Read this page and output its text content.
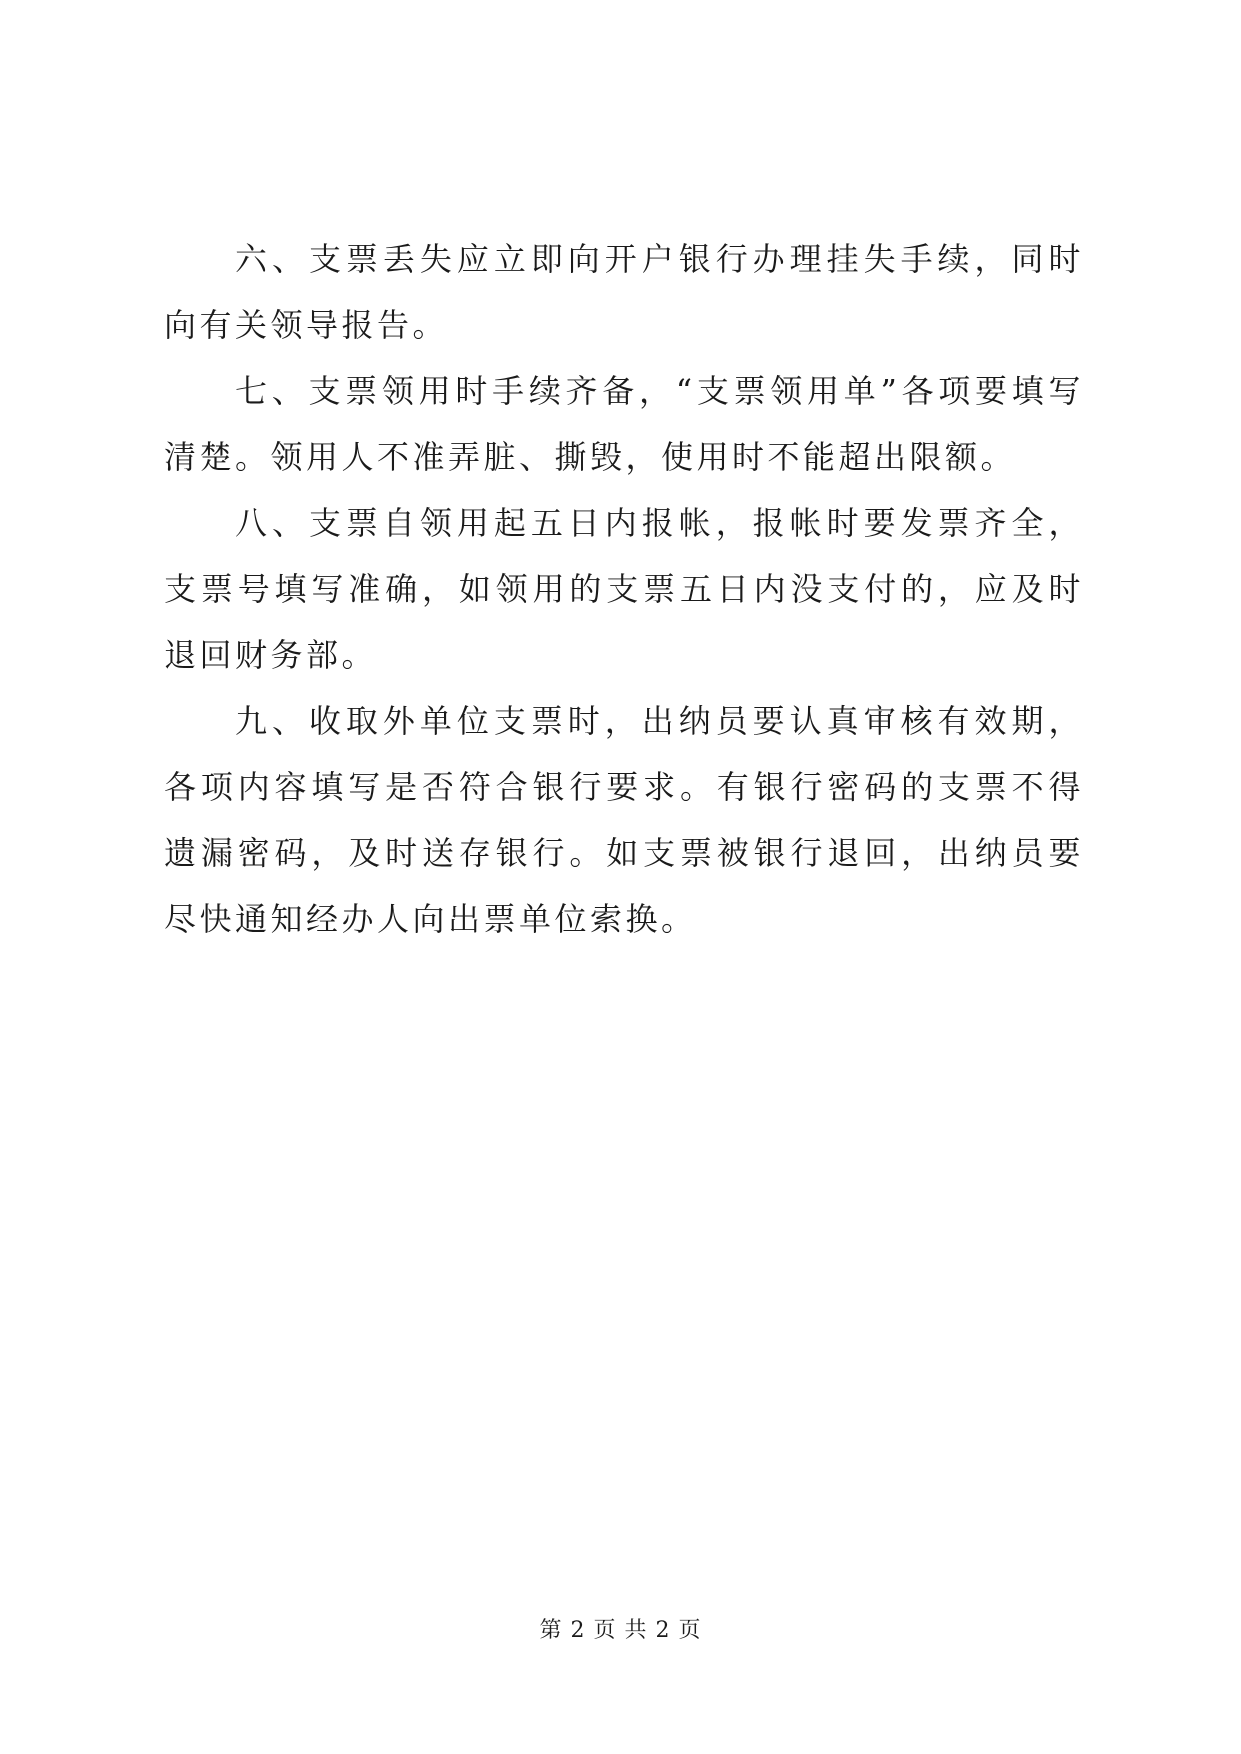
六、支票丢失应立即向开户银行办理挂失手续，同时向有关领导报告。

七、支票领用时手续齐备，“支票领用单”各项要填写清楚。领用人不准弄脏、撕毁，使用时不能超出限额。

八、支票自领用起五日内报帐，报帐时要发票齐全，支票号填写准确，如领用的支票五日内没支付的，应及时退回财务部。

九、收取外单位支票时，出纳员要认真审核有效期，各项内容填写是否符合银行要求。有银行密码的支票不得遗漏密码，及时送存银行。如支票被银行退回，出纳员要尽快通知经办人向出票单位索换。

第 2 页 共 2 页
